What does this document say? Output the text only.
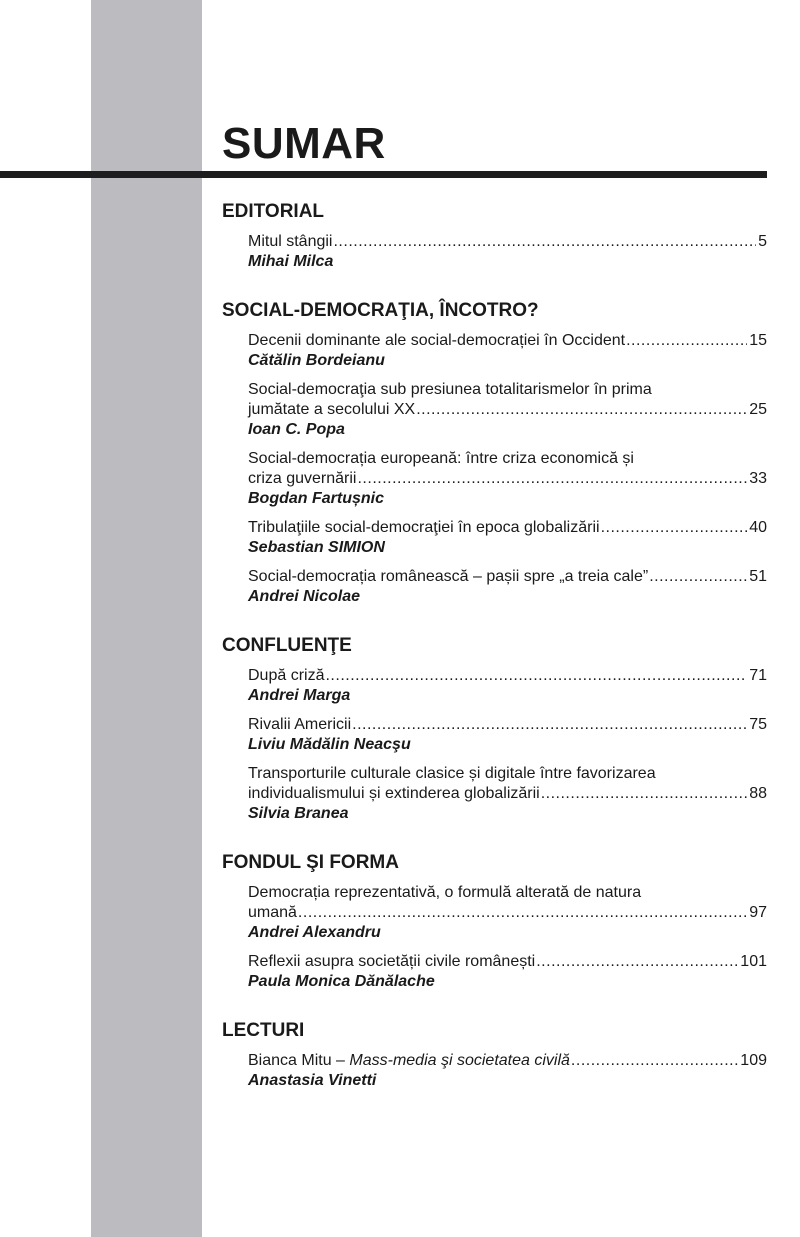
SUMAR
EDITORIAL
Mitul stângii .....	5
Mihai Milca
SOCIAL-DEMOCRAŢIA, ÎNCOTRO?
Decenii dominante ale social-democrației în Occident .....	15
Cătălin Bordeianu
Social-democraţia sub presiunea totalitarismelor în prima
jumătate a secolului XX .....	25
Ioan C. Popa
Social-democrația europeană: între criza economică și
criza guvernării .....	33
Bogdan Fartușnic
Tribulaţiile social-democraţiei în epoca globalizării .....	40
Sebastian SIMION
Social-democrația românească – pașii spre „a treia cale” .....	51
Andrei Nicolae
CONFLUENŢE
După criză .....	71
Andrei Marga
Rivalii Americii .....	75
Liviu Mădălin Neacşu
Transporturile culturale clasice și digitale între favorizarea
individualismului și extinderea globalizării .....	88
Silvia Branea
FONDUL ŞI FORMA
Democrația reprezentativă, o formulă alterată de natura
umană .....	97
Andrei Alexandru
Reflexii asupra societății civile românești .....	101
Paula Monica Dănălache
LECTURI
Bianca Mitu – Mass-media şi societatea civilă .....	109
Anastasia Vinetti
